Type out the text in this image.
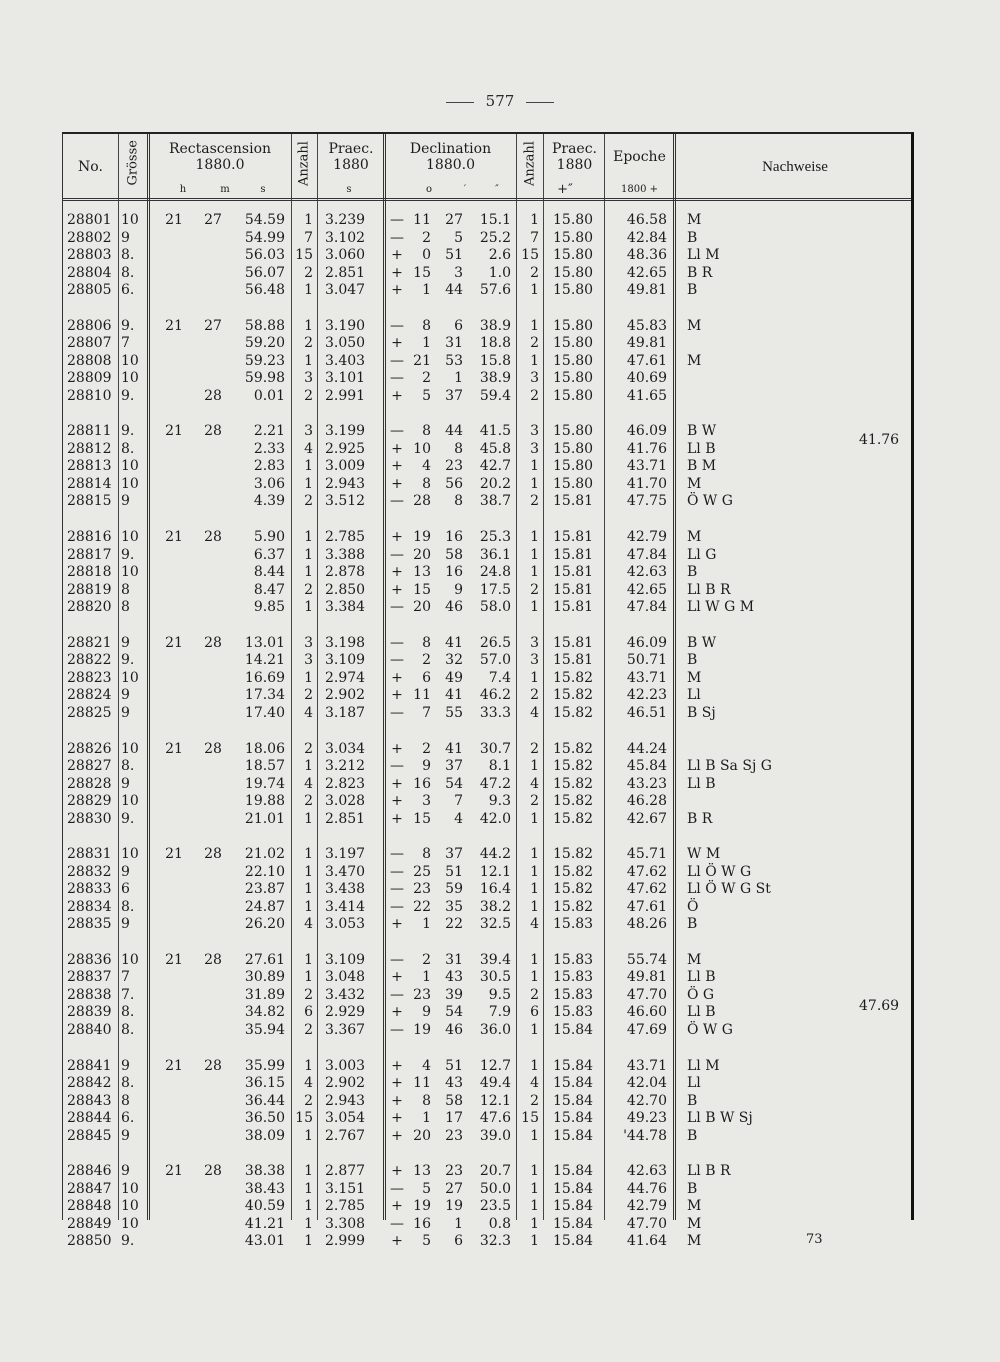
577
No.	Grösse	Rectascension
1880.0
h	m	s
Anzahl	Praec.
1880
s
Declination
1880.0
o	′	″
Anzahl	Praec.
1880
+″
Epoche
1800 +
Nachweise
28801 10 21 27	54.59	1 3.239	— 11	27	15.1	1 15.80	46.58 M
28802 9	54.99	7 3.102	—	2	5	25.2	7 15.80	42.84 B
28803 8.	56.03 15 3.060	+	0	51	2.6 15 15.80	48.36 Ll M
28804 8.	56.07	2 2.851	+ 15	3	1.0	2 15.80	42.65 B R
28805 6.	56.48	1 3.047	+	1	44	57.6	1 15.80	49.81 B
28806 9.	21 27	58.88	1 3.190	—	8	6	38.9	1 15.80	45.83 M
28807 7	59.20	2 3.050	+	1	31	18.8	2 15.80	49.81
28808 10	59.23	1 3.403	— 21	53	15.8	1 15.80	47.61 M
28809 10	59.98	3 3.101	—	2	1	38.9	3 15.80	40.69
28810 9.	28	0.01	2 2.991	+	5	37	59.4	2 15.80	41.65
28811 9.	21 28	2.21	3 3.199	—	8	44	41.5	3 15.80	46.09 B W
28812 8.	2.33	4 2.925	+ 10	8	45.8	3 15.80	41.76 Ll B
28813 10	2.83	1 3.009	+	4	23	42.7	1 15.80	43.71 B M
28814 10	3.06	1 2.943	+	8	56	20.2	1 15.80	41.70 M
28815 9	4.39	2 3.512	— 28	8	38.7	2 15.81	47.75 Ö W G
28816 10 21 28	5.90	1 2.785	+ 19	16	25.3	1 15.81	42.79 M
28817 9.	6.37	1 3.388	— 20	58	36.1	1 15.81	47.84 Ll G
28818 10	8.44	1 2.878	+ 13	16	24.8	1 15.81	42.63 B
28819 8	8.47	2 2.850	+ 15	9	17.5	2 15.81	42.65 Ll B R
28820 8	9.85	1 3.384	— 20	46	58.0	1 15.81	47.84 Ll W G M
28821 9	21 28	13.01	3 3.198	—	8	41	26.5	3 15.81	46.09 B W
28822 9.	14.21	3 3.109	—	2	32	57.0	3 15.81	50.71 B
28823 10	16.69	1 2.974	+	6	49	7.4	1 15.82	43.71 M
28824 9	17.34	2 2.902	+ 11	41	46.2	2 15.82	42.23 Ll
28825 9	17.40	4 3.187	—	7	55	33.3	4 15.82	46.51 B Sj
28826 10 21 28	18.06	2 3.034	+	2	41	30.7	2 15.82	44.24
28827 8.	18.57	1 3.212	—	9	37	8.1	1 15.82	45.84 Ll B Sa Sj G
28828 9	19.74	4 2.823	+ 16	54	47.2	4 15.82	43.23 Ll B
28829 10	19.88	2 3.028	+	3	7	9.3	2 15.82	46.28
28830 9.	21.01	1 2.851	+ 15	4	42.0	1 15.82	42.67 B R
28831 10 21 28	21.02	1 3.197	—	8	37	44.2	1 15.82	45.71 W M
28832 9	22.10	1 3.470	— 25	51	12.1	1 15.82	47.62 Ll Ö W G
28833 6	23.87	1 3.438	— 23	59	16.4	1 15.82	47.62 Ll Ö W G St
28834 8.	24.87	1 3.414	— 22	35	38.2	1 15.82	47.61 Ö
28835 9	26.20	4 3.053	+	1	22	32.5	4 15.83	48.26 B
28836 10 21 28	27.61	1 3.109	—	2	31	39.4	1 15.83	55.74 M
28837 7	30.89	1 3.048	+	1	43	30.5	1 15.83	49.81 Ll B
28838 7.	31.89	2 3.432	— 23	39	9.5	2 15.83	47.70 Ö G
28839 8.	34.82	6 2.929	+	9	54	7.9	6 15.83	46.60 Ll B
28840 8.	35.94	2 3.367	— 19	46	36.0	1 15.84	47.69 Ö W G
28841 9	21 28	35.99	1 3.003	+	4	51	12.7	1 15.84	43.71 Ll M
28842 8.	36.15	4 2.902	+ 11	43	49.4	4 15.84	42.04 Ll
28843 8	36.44	2 2.943	+	8	58	12.1	2 15.84	42.70 B
28844 6.	36.50 15 3.054	+	1	17	47.6 15 15.84	49.23 Ll B W Sj
28845 9	38.09	1 2.767	+ 20	23	39.0	1 15.84	'44.78 B
28846 9	21 28	38.38	1 2.877	+ 13	23	20.7	1 15.84	42.63 Ll B R
28847 10	38.43	1 3.151	—	5	27	50.0	1 15.84	44.76 B
28848 10	40.59	1 2.785	+ 19	19	23.5	1 15.84	42.79 M
28849 10	41.21	1 3.308	— 16	1	0.8	1 15.84	47.70 M
28850 9.	43.01	1 2.999	+	5	6	32.3	1 15.84	41.64 M
41.76
47.69
73
